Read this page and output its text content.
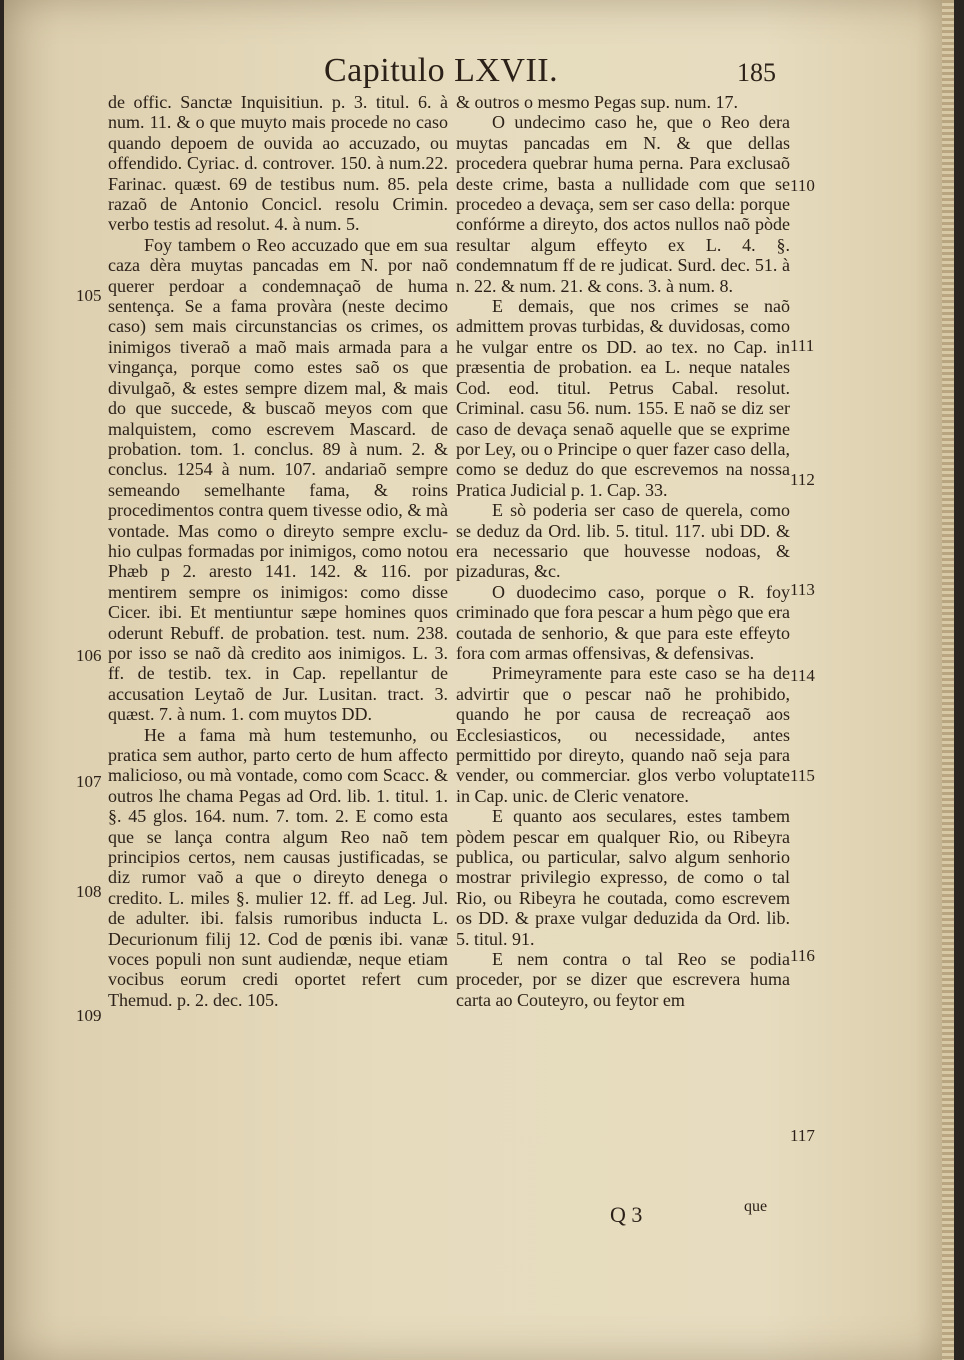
Capitulo LXVII.	185

de offic. Sanctæ Inquisitiun. p. 3. titul. 6. à num. 11. & o que muyto mais procede no caso quando depoem de ouvida ao accuzado, ou offendido. Cyriac. d. controver. 150. à num.22. Farinac. quæst. 69 de testibus num. 85. pela razaõ de Antonio Concicl. resolu Crimin. verbo testis ad resolut. 4. à num. 5.

Foy tambem o Reo accuzado que em sua caza dèra muytas pancadas em N. por naõ querer perdoar a condemnaçaõ de huma sentença. Se a fama provàra (neste decimo caso) sem mais circunstancias os crimes, os inimigos tiveraõ a maõ mais armada para a vingança, porque como estes saõ os que divulgaõ, & estes sempre dizem mal, & mais do que succede, & buscaõ meyos com que malquistem, como escrevem Mascard. de probation. tom. 1. conclus. 89 à num. 2. & conclus. 1254 à num. 107. andariaõ sempre semeando semelhante fama, & roins procedimentos contra quem tivesse odio, & mà vontade. Mas como o direyto sempre exclu- hio culpas formadas por inimigos, como notou Phæb p 2. aresto 141. 142. & 116. por mentirem sempre os inimigos: como disse Cicer. ibi. Et mentiuntur sæpe homines quos oderunt Rebuff. de probation. test. num. 238. por isso se naõ dà credito aos inimigos. L. 3. ff. de testib. tex. in Cap. repellantur de accusation Leytaõ de Jur. Lusitan. tract. 3. quæst. 7. à num. 1. com muytos DD.

He a fama mà hum testemunho, ou pratica sem author, parto certo de hum affecto malicioso, ou mà vontade, como com Scacc. & outros lhe chama Pegas ad Ord. lib. 1. titul. 1. §. 45 glos. 164. num. 7. tom. 2. E como esta que se lança contra algum Reo naõ tem principios certos, nem causas justificadas, se diz rumor vaõ a que o direyto denega o credito. L. miles §. mulier 12. ff. ad Leg. Jul. de adulter. ibi. falsis rumoribus inducta L. Decurionum filij 12. Cod de pœnis ibi. vanæ voces populi non sunt audiendæ, neque etiam vocibus eorum credi oportet refert cum Themud. p. 2. dec. 105.

& outros o mesmo Pegas sup. num. 17.

O undecimo caso he, que o Reo dera muytas pancadas em N. & que dellas procedera quebrar huma perna. Para exclusaõ deste crime, basta a nullidade com que se procedeo a devaça, sem ser caso della: porque confórme a direyto, dos actos nullos naõ pòde resultar algum effeyto ex L. 4. §. condemnatum ff de re judicat. Surd. dec. 51. à n. 22. & num. 21. & cons. 3. à num. 8.

E demais, que nos crimes se naõ admittem provas turbidas, & duvidosas, como he vulgar entre os DD. ao tex. no Cap. in præsentia de probation. ea L. neque natales Cod. eod. titul. Petrus Cabal. resolut. Criminal. casu 56. num. 155. E naõ se diz ser caso de devaça senaõ aquelle que se exprime por Ley, ou o Principe o quer fazer caso della, como se deduz do que escrevemos na nossa Pratica Judicial p. 1. Cap. 33.

E sò poderia ser caso de querela, como se deduz da Ord. lib. 5. titul. 117. ubi DD. & era necessario que houvesse nodoas, & pizaduras, &c.

O duodecimo caso, porque o R. foy criminado que fora pescar a hum pègo que era coutada de senhorio, & que para este effeyto fora com armas offensivas, & defensivas.

Primeyramente para este caso se ha de advirtir que o pescar naõ he prohibido, quando he por causa de recreaçaõ aos Ecclesiasticos, ou necessidade, antes permittido por direyto, quando naõ seja para vender, ou commerciar. glos verbo voluptate in Cap. unic. de Cleric venatore.

E quanto aos seculares, estes tambem pòdem pescar em qualquer Rio, ou Ribeyra publica, ou particular, salvo algum senhorio mostrar privilegio expresso, de como o tal Rio, ou Ribeyra he coutada, como escrevem os DD. & praxe vulgar deduzida da Ord. lib. 5. titul. 91.

E nem contra o tal Reo se podia proceder, por se dizer que escrevera huma carta ao Couteyro, ou feytor em

105
106
107
108
109
110
111
112
113
114
115
116
117
Q 3	que
